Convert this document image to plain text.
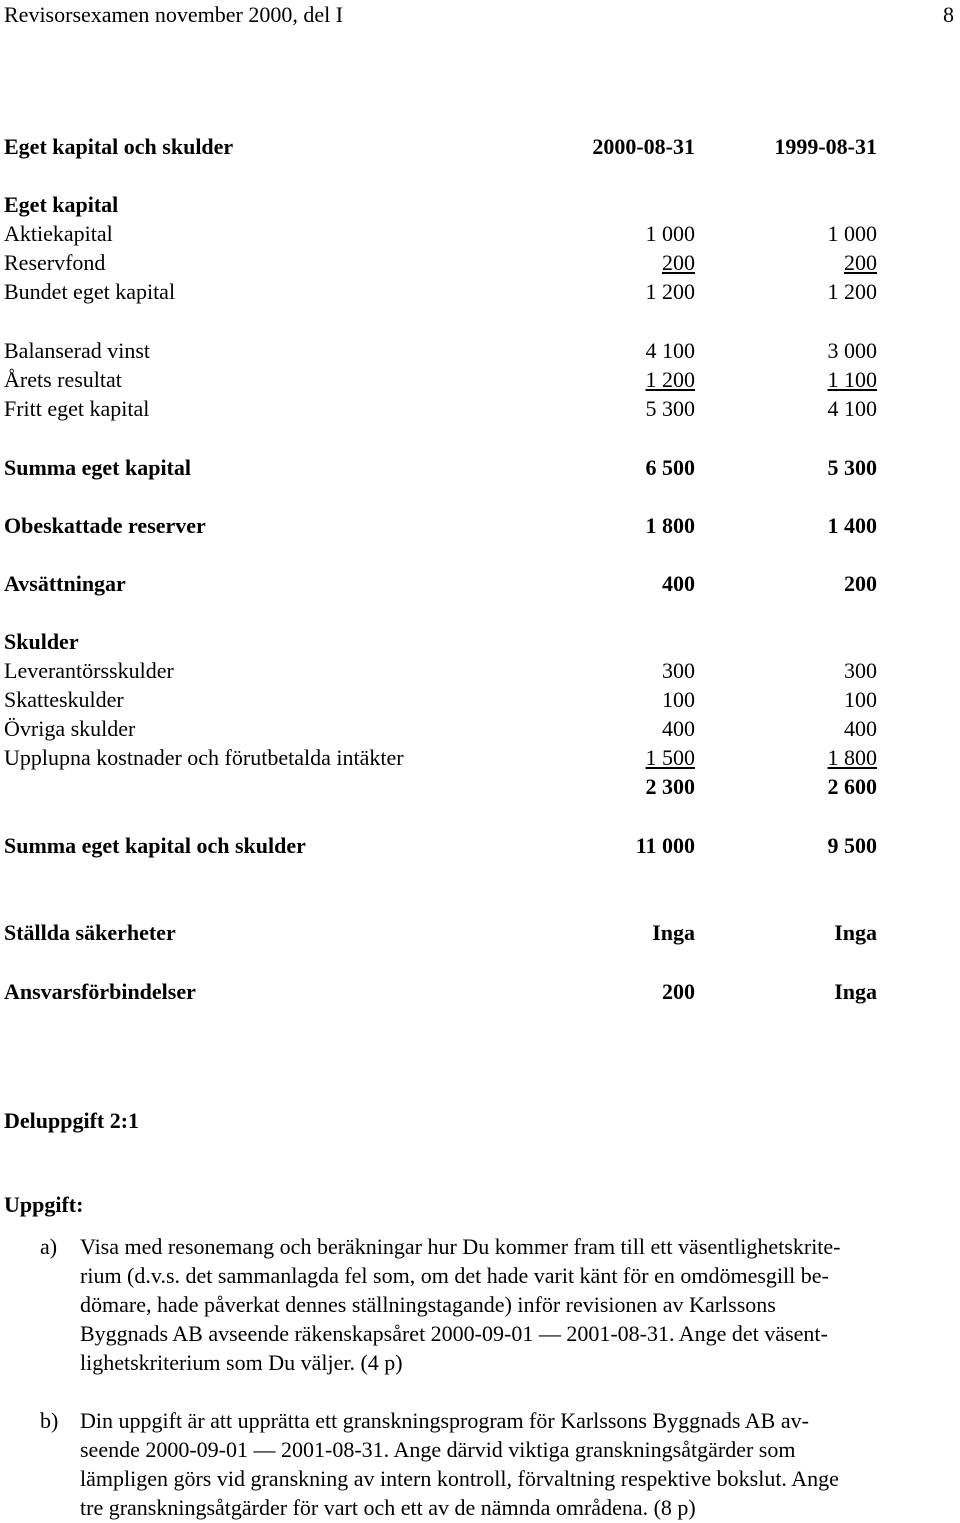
Revisorsexamen november 2000, del I	8
Eget kapital och skulder	2000-08-31	1999-08-31
Eget kapital
Aktiekapital	1 000	1 000
Reservfond	200	200
Bundet eget kapital	1 200	1 200
Balanserad vinst	4 100	3 000
Årets resultat	1 200	1 100
Fritt eget kapital	5 300	4 100
Summa eget kapital	6 500	5 300
Obeskattade reserver	1 800	1 400
Avsättningar	400	200
Skulder
Leverantörsskulder	300	300
Skatteskulder	100	100
Övriga skulder	400	400
Upplupna kostnader och förutbetalda intäkter	1 500	1 800
2 300	2 600
Summa eget kapital och skulder	11 000	9 500
Ställda säkerheter	Inga	Inga
Ansvarsförbindelser	200	Inga
Deluppgift 2:1
Uppgift:
a) Visa med resonemang och beräkningar hur Du kommer fram till ett väsentlighetskrite-
rium (d.v.s. det sammanlagda fel som, om det hade varit känt för en omdömesgill be-
dömare, hade påverkat dennes ställningstagande) inför revisionen av Karlssons
Byggnads AB avseende räkenskapsåret 2000-09-01 — 2001-08-31. Ange det väsent-
lighetskriterium som Du väljer. (4 p)
b) Din uppgift är att upprätta ett granskningsprogram för Karlssons Byggnads AB av-
seende 2000-09-01 — 2001-08-31. Ange därvid viktiga granskningsåtgärder som
lämpligen görs vid granskning av intern kontroll, förvaltning respektive bokslut. Ange
tre granskningsåtgärder för vart och ett av de nämnda områdena. (8 p)
